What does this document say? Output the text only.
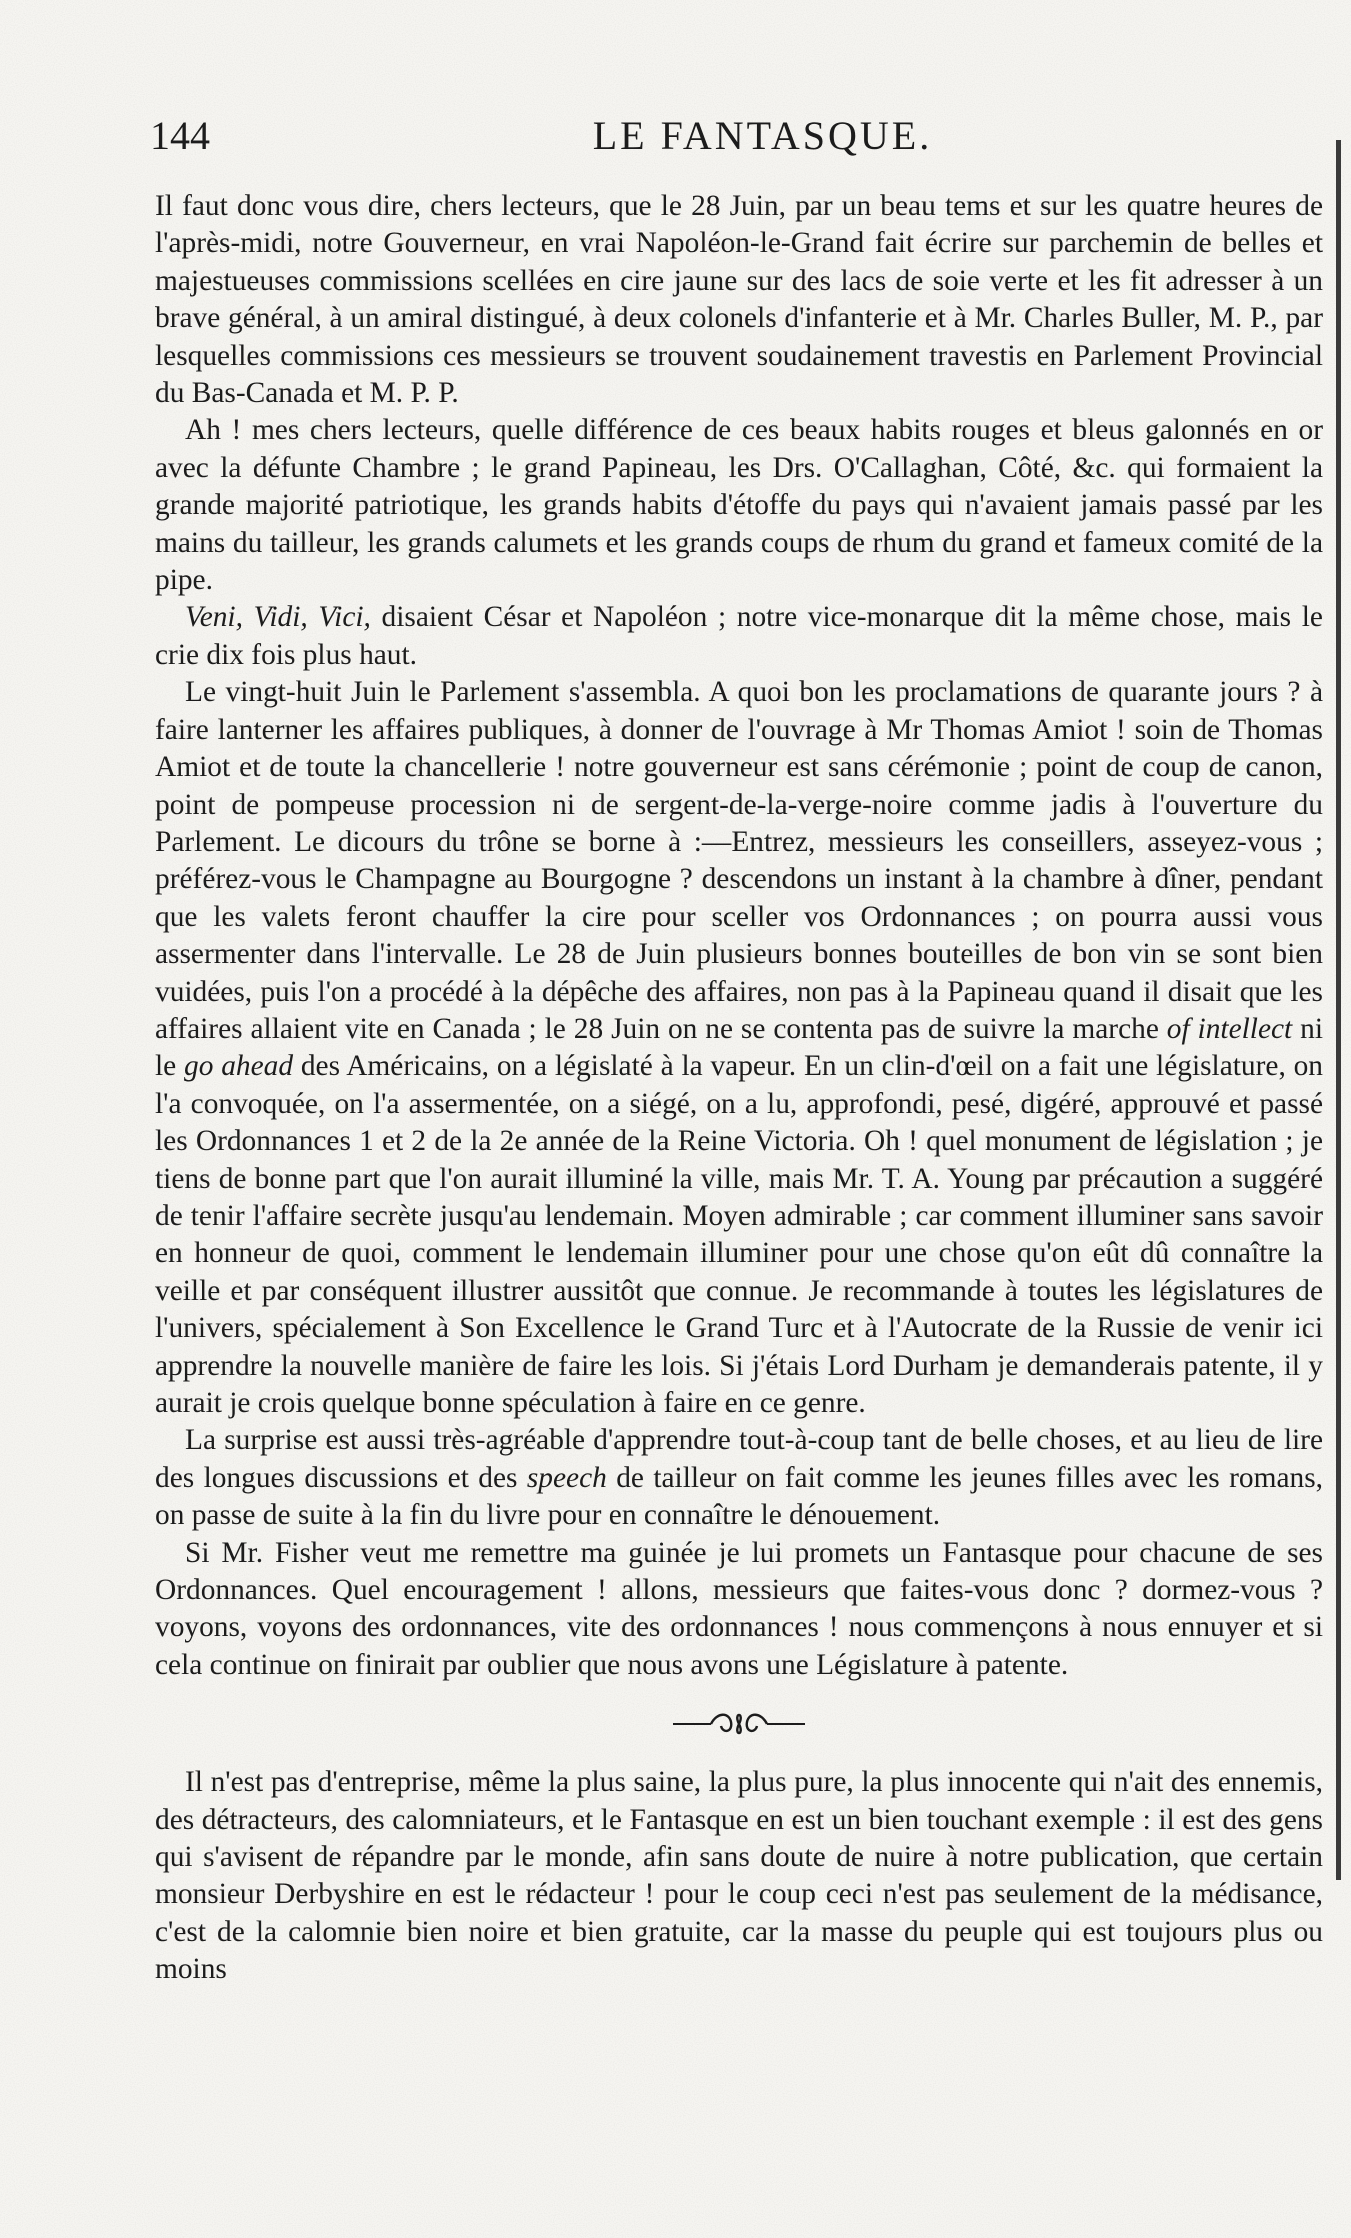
144	LE FANTASQUE.

Il faut donc vous dire, chers lecteurs, que le 28 Juin, par un beau tems et sur les quatre heures de l'après-midi, notre Gouverneur, en vrai Napoléon-le-Grand fait écrire sur parchemin de belles et majestueuses commissions scellées en cire jaune sur des lacs de soie verte et les fit adresser à un brave général, à un amiral distingué, à deux colonels d'infanterie et à Mr. Charles Buller, M. P., par lesquelles commissions ces messieurs se trouvent soudainement travestis en Parlement Provincial du Bas-Canada et M. P. P.

Ah ! mes chers lecteurs, quelle différence de ces beaux habits rouges et bleus galonnés en or avec la défunte Chambre ; le grand Papineau, les Drs. O'Callaghan, Côté, &c. qui formaient la grande majorité patriotique, les grands habits d'étoffe du pays qui n'avaient jamais passé par les mains du tailleur, les grands calumets et les grands coups de rhum du grand et fameux comité de la pipe.

Veni, Vidi, Vici, disaient César et Napoléon ; notre vice-monarque dit la même chose, mais le crie dix fois plus haut.

Le vingt-huit Juin le Parlement s'assembla. A quoi bon les proclamations de quarante jours ? à faire lanterner les affaires publiques, à donner de l'ouvrage à Mr Thomas Amiot ! soin de Thomas Amiot et de toute la chancellerie ! notre gouverneur est sans cérémonie ; point de coup de canon, point de pompeuse procession ni de sergent-de-la-verge-noire comme jadis à l'ouverture du Parlement. Le dicours du trône se borne à :—Entrez, messieurs les conseillers, asseyez-vous ; préférez-vous le Champagne au Bourgogne ? descendons un instant à la chambre à dîner, pendant que les valets feront chauffer la cire pour sceller vos Ordonnances ; on pourra aussi vous assermenter dans l'intervalle. Le 28 de Juin plusieurs bonnes bouteilles de bon vin se sont bien vuidées, puis l'on a procédé à la dépêche des affaires, non pas à la Papineau quand il disait que les affaires allaient vite en Canada ; le 28 Juin on ne se contenta pas de suivre la marche of intellect ni le go ahead des Américains, on a législaté à la vapeur. En un clin-d'œil on a fait une législature, on l'a convoquée, on l'a assermentée, on a siégé, on a lu, approfondi, pesé, digéré, approuvé et passé les Ordonnances 1 et 2 de la 2e année de la Reine Victoria. Oh ! quel monument de législation ; je tiens de bonne part que l'on aurait illuminé la ville, mais Mr. T. A. Young par précaution a suggéré de tenir l'affaire secrète jusqu'au lendemain. Moyen admirable ; car comment illuminer sans savoir en honneur de quoi, comment le lendemain illuminer pour une chose qu'on eût dû connaître la veille et par conséquent illustrer aussitôt que connue. Je recommande à toutes les législatures de l'univers, spécialement à Son Excellence le Grand Turc et à l'Autocrate de la Russie de venir ici apprendre la nouvelle manière de faire les lois. Si j'étais Lord Durham je demanderais patente, il y aurait je crois quelque bonne spéculation à faire en ce genre.

La surprise est aussi très-agréable d'apprendre tout-à-coup tant de belle choses, et au lieu de lire des longues discussions et des speech de tailleur on fait comme les jeunes filles avec les romans, on passe de suite à la fin du livre pour en connaître le dénouement.

Si Mr. Fisher veut me remettre ma guinée je lui promets un Fantasque pour chacune de ses Ordonnances. Quel encouragement ! allons, messieurs que faites-vous donc ? dormez-vous ? voyons, voyons des ordonnances, vite des ordonnances ! nous commençons à nous ennuyer et si cela continue on finirait par oublier que nous avons une Législature à patente.

Il n'est pas d'entreprise, même la plus saine, la plus pure, la plus innocente qui n'ait des ennemis, des détracteurs, des calomniateurs, et le Fantasque en est un bien touchant exemple : il est des gens qui s'avisent de répandre par le monde, afin sans doute de nuire à notre publication, que certain monsieur Derbyshire en est le rédacteur ! pour le coup ceci n'est pas seulement de la médisance, c'est de la calomnie bien noire et bien gratuite, car la masse du peuple qui est toujours plus ou moins
